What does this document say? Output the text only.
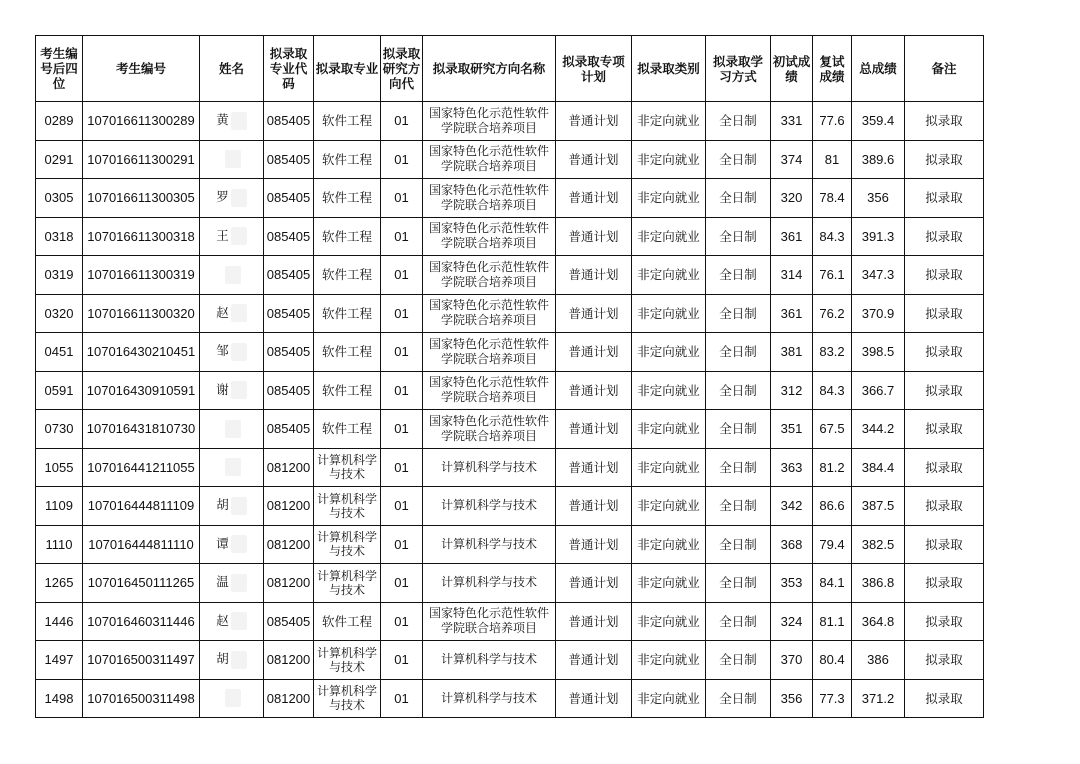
考生编号后四位	考生编号	姓名	拟录取专业代码	拟录取专业	拟录取研究方向代	拟录取研究方向名称	拟录取专项计划	拟录取类别	拟录取学习方式	初试成绩	复试成绩	总成绩	备注
0289	107016611300289	黄	085405	软件工程	01	国家特色化示范性软件学院联合培养项目	普通计划	非定向就业	全日制	331	77.6	359.4	拟录取
0291	107016611300291		085405	软件工程	01	国家特色化示范性软件学院联合培养项目	普通计划	非定向就业	全日制	374	81	389.6	拟录取
0305	107016611300305	罗	085405	软件工程	01	国家特色化示范性软件学院联合培养项目	普通计划	非定向就业	全日制	320	78.4	356	拟录取
0318	107016611300318	王	085405	软件工程	01	国家特色化示范性软件学院联合培养项目	普通计划	非定向就业	全日制	361	84.3	391.3	拟录取
0319	107016611300319		085405	软件工程	01	国家特色化示范性软件学院联合培养项目	普通计划	非定向就业	全日制	314	76.1	347.3	拟录取
0320	107016611300320	赵	085405	软件工程	01	国家特色化示范性软件学院联合培养项目	普通计划	非定向就业	全日制	361	76.2	370.9	拟录取
0451	107016430210451	邹	085405	软件工程	01	国家特色化示范性软件学院联合培养项目	普通计划	非定向就业	全日制	381	83.2	398.5	拟录取
0591	107016430910591	谢	085405	软件工程	01	国家特色化示范性软件学院联合培养项目	普通计划	非定向就业	全日制	312	84.3	366.7	拟录取
0730	107016431810730		085405	软件工程	01	国家特色化示范性软件学院联合培养项目	普通计划	非定向就业	全日制	351	67.5	344.2	拟录取
1055	107016441211055		081200	计算机科学与技术	01	计算机科学与技术	普通计划	非定向就业	全日制	363	81.2	384.4	拟录取
1109	107016444811109	胡	081200	计算机科学与技术	01	计算机科学与技术	普通计划	非定向就业	全日制	342	86.6	387.5	拟录取
1110	107016444811110	谭	081200	计算机科学与技术	01	计算机科学与技术	普通计划	非定向就业	全日制	368	79.4	382.5	拟录取
1265	107016450111265	温	081200	计算机科学与技术	01	计算机科学与技术	普通计划	非定向就业	全日制	353	84.1	386.8	拟录取
1446	107016460311446	赵	085405	软件工程	01	国家特色化示范性软件学院联合培养项目	普通计划	非定向就业	全日制	324	81.1	364.8	拟录取
1497	107016500311497	胡	081200	计算机科学与技术	01	计算机科学与技术	普通计划	非定向就业	全日制	370	80.4	386	拟录取
1498	107016500311498		081200	计算机科学与技术	01	计算机科学与技术	普通计划	非定向就业	全日制	356	77.3	371.2	拟录取
